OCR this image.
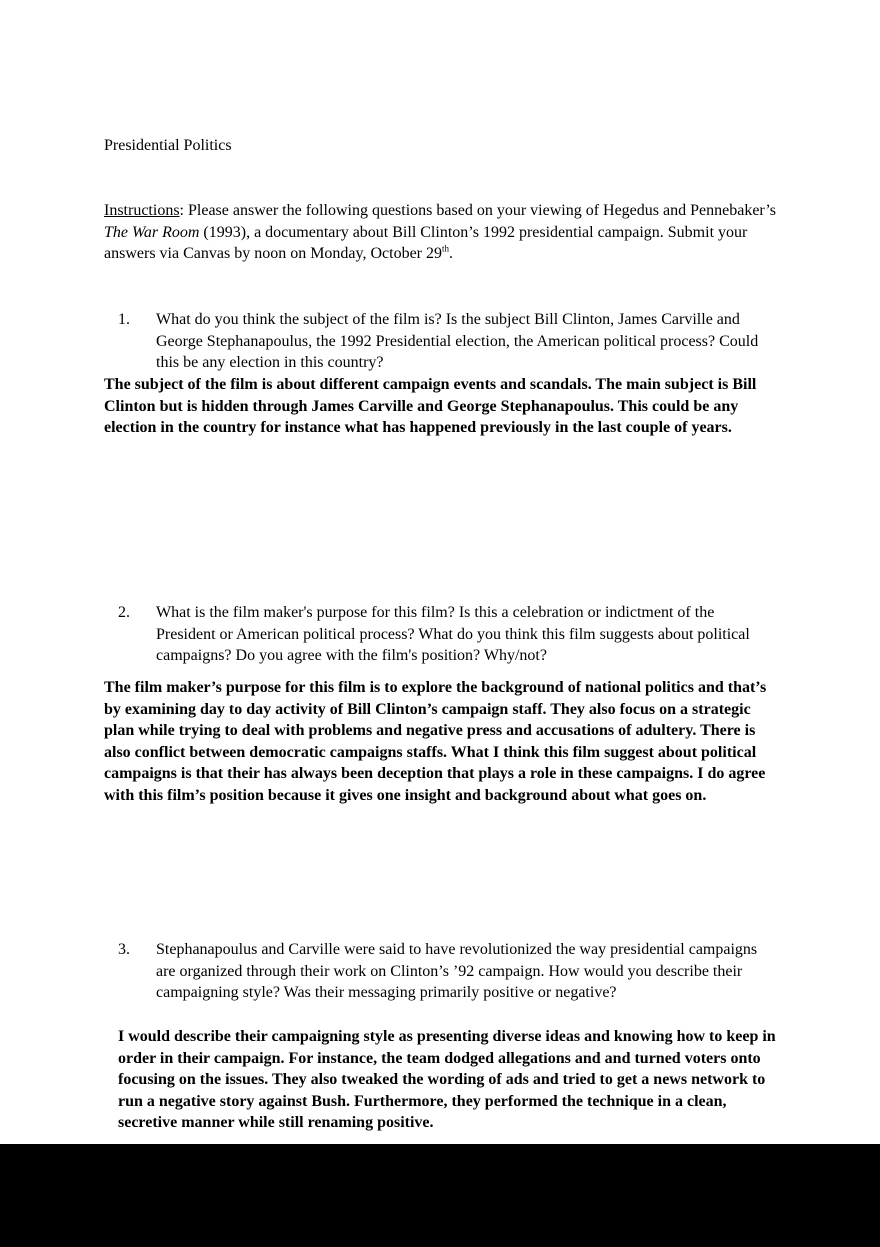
Presidential Politics
Instructions: Please answer the following questions based on your viewing of Hegedus and Pennebaker’s The War Room (1993), a documentary about Bill Clinton’s 1992 presidential campaign. Submit your answers via Canvas by noon on Monday, October 29th.
1. What do you think the subject of the film is? Is the subject Bill Clinton, James Carville and George Stephanapoulus, the 1992 Presidential election, the American political process? Could this be any election in this country?
The subject of the film is about different campaign events and scandals. The main subject is Bill Clinton but is hidden through James Carville and George Stephanapoulus. This could be any election in the country for instance what has happened previously in the last couple of years.
2. What is the film maker's purpose for this film? Is this a celebration or indictment of the President or American political process? What do you think this film suggests about political campaigns? Do you agree with the film's position? Why/not?
The film maker’s purpose for this film is to explore the background of national politics and that’s by examining day to day activity of Bill Clinton’s campaign staff. They also focus on a strategic plan while trying to deal with problems and negative press and accusations of adultery. There is also conflict between democratic campaigns staffs. What I think this film suggest about political campaigns is that their has always been deception that plays a role in these campaigns. I do agree with this film’s position because it gives one insight and background about what goes on.
3. Stephanapoulus and Carville were said to have revolutionized the way presidential campaigns are organized through their work on Clinton’s ’92 campaign. How would you describe their campaigning style? Was their messaging primarily positive or negative?
I would describe their campaigning style as presenting diverse ideas and knowing how to keep in order in their campaign. For instance, the team dodged allegations and and turned voters onto focusing on the issues. They also tweaked the wording of ads and tried to get a news network to run a negative story against Bush. Furthermore, they performed the technique in a clean, secretive manner while still renaming positive.
